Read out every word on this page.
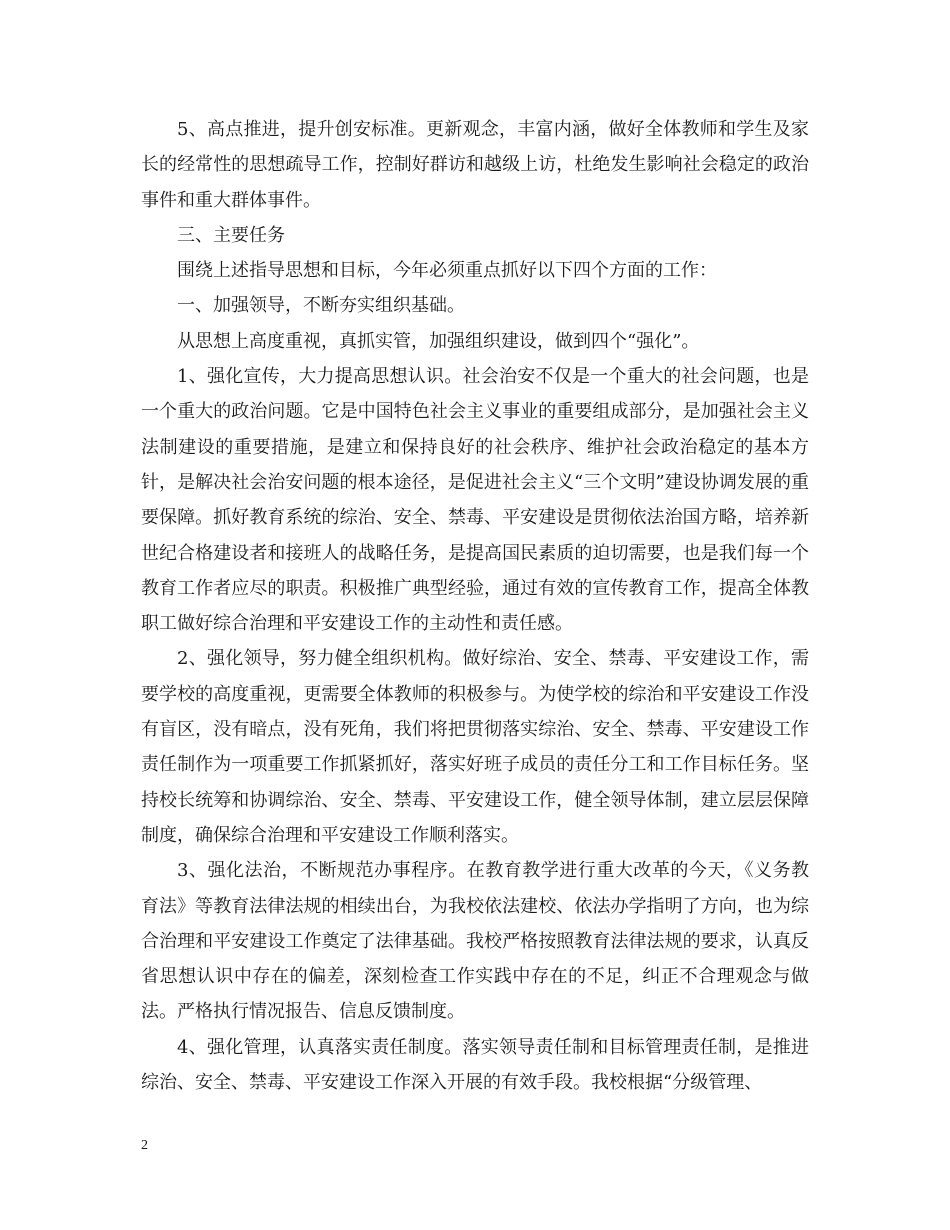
5、高点推进，提升创安标准。更新观念，丰富内涵，做好全体教师和学生及家长的经常性的思想疏导工作，控制好群访和越级上访，杜绝发生影响社会稳定的政治事件和重大群体事件。

三、主要任务

围绕上述指导思想和目标，今年必须重点抓好以下四个方面的工作：

一、加强领导，不断夯实组织基础。

从思想上高度重视，真抓实管，加强组织建设，做到四个“强化”。

1、强化宣传，大力提高思想认识。社会治安不仅是一个重大的社会问题，也是一个重大的政治问题。它是中国特色社会主义事业的重要组成部分，是加强社会主义法制建设的重要措施，是建立和保持良好的社会秩序、维护社会政治稳定的基本方针，是解决社会治安问题的根本途径，是促进社会主义“三个文明”建设协调发展的重要保障。抓好教育系统的综治、安全、禁毒、平安建设是贯彻依法治国方略，培养新世纪合格建设者和接班人的战略任务，是提高国民素质的迫切需要，也是我们每一个教育工作者应尽的职责。积极推广典型经验，通过有效的宣传教育工作，提高全体教职工做好综合治理和平安建设工作的主动性和责任感。

2、强化领导，努力健全组织机构。做好综治、安全、禁毒、平安建设工作，需要学校的高度重视，更需要全体教师的积极参与。为使学校的综治和平安建设工作没有盲区，没有暗点，没有死角，我们将把贯彻落实综治、安全、禁毒、平安建设工作责任制作为一项重要工作抓紧抓好，落实好班子成员的责任分工和工作目标任务。坚持校长统筹和协调综治、安全、禁毒、平安建设工作，健全领导体制，建立层层保障制度，确保综合治理和平安建设工作顺利落实。

3、强化法治，不断规范办事程序。在教育教学进行重大改革的今天，《义务教育法》等教育法律法规的相续出台，为我校依法建校、依法办学指明了方向，也为综合治理和平安建设工作奠定了法律基础。我校严格按照教育法律法规的要求，认真反省思想认识中存在的偏差，深刻检查工作实践中存在的不足，纠正不合理观念与做法。严格执行情况报告、信息反馈制度。

4、强化管理，认真落实责任制度。落实领导责任制和目标管理责任制，是推进综治、安全、禁毒、平安建设工作深入开展的有效手段。我校根据“分级管理、

2
